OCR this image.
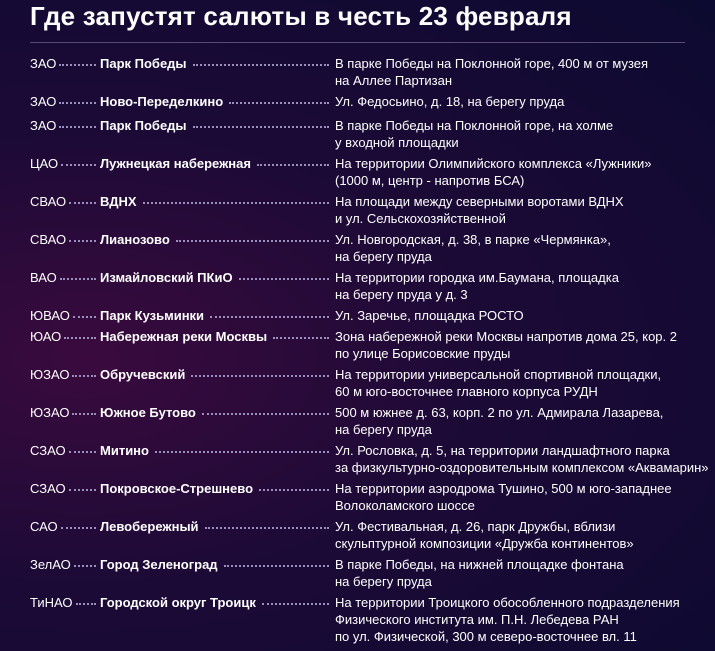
Где запустят салюты в честь 23 февраля
ЗАО	Парк Победы	В парке Победы на Поклонной горе, 400 м от музея
на Аллее Партизан
ЗАО	Ново-Переделкино	Ул. Федосьино, д. 18, на берегу пруда
ЗАО	Парк Победы	В парке Победы на Поклонной горе, на холме
у входной площадки
ЦАО	Лужнецкая набережная	На территории Олимпийского комплекса «Лужники»
(1000 м, центр - напротив БСА)
СВАО	ВДНХ	На площади между северными воротами ВДНХ
и ул. Сельскохозяйственной
СВАО	Лианозово	Ул. Новгородская, д. 38, в парке «Чермянка»,
на берегу пруда
ВАО	Измайловский ПКиО	На территории городка им.Баумана, площадка
на берегу пруда у д. 3
ЮВАО Парк Кузьминки	Ул. Заречье, площадка РОСТО
ЮАО	Набережная реки Москвы	Зона набережной реки Москвы напротив дома 25, кор. 2
по улице Борисовские пруды
ЮЗАО Обручевский	На территории универсальной спортивной площадки,
60 м юго-восточнее главного корпуса РУДН
ЮЗАО Южное Бутово	500 м южнее д. 63, корп. 2 по ул. Адмирала Лазарева,
на берегу пруда
СЗАО	Митино	Ул. Рословка, д. 5, на территории ландшафтного парка
за физкультурно-оздоровительным комплексом «Аквамарин»
СЗАО	Покровское-Стрешнево	На территории аэродрома Тушино, 500 м юго-западнее
Волоколамского шоссе
САО	Левобережный	Ул. Фестивальная, д. 26, парк Дружбы, вблизи
скульптурной композиции «Дружба континентов»
ЗелАО Город Зеленоград	В парке Победы, на нижней площадке фонтана
на берегу пруда
ТиНАО Городской округ Троицк	На территории Троицкого обособленного подразделения
Физического института им. П.Н. Лебедева РАН
по ул. Физической, 300 м северо-восточнее вл. 11
